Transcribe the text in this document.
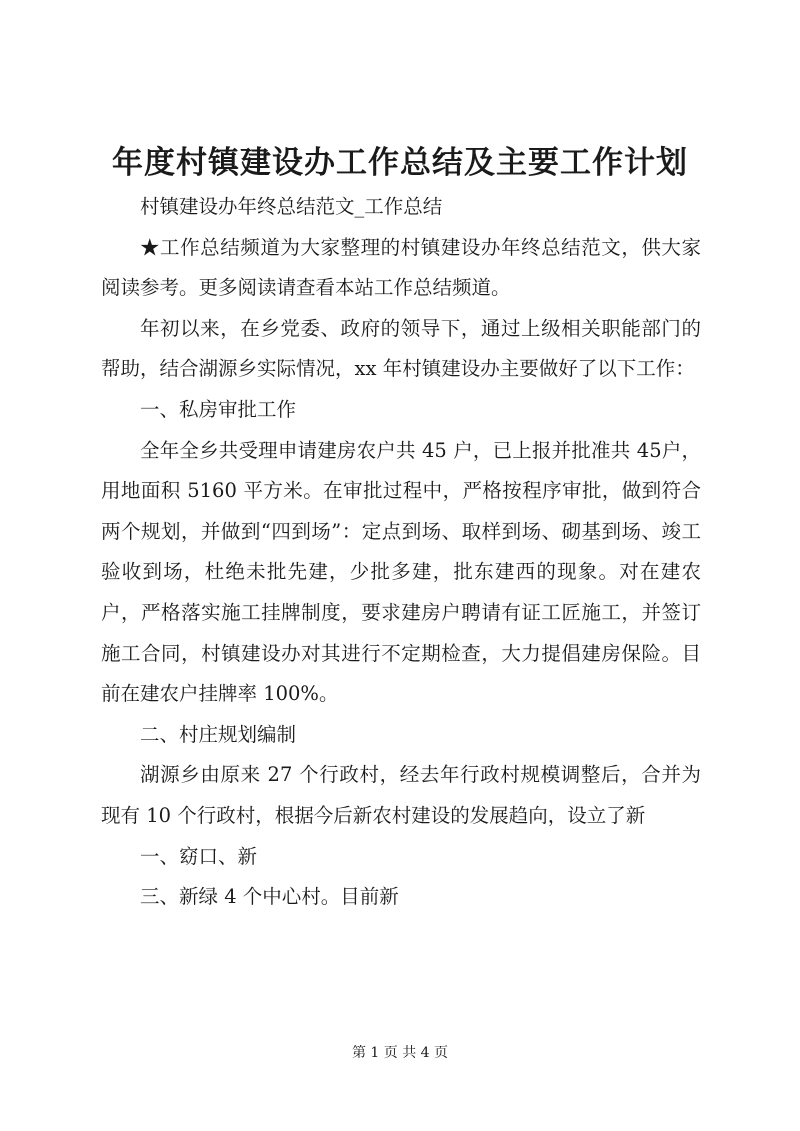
年度村镇建设办工作总结及主要工作计划

村镇建设办年终总结范文_工作总结

★工作总结频道为大家整理的村镇建设办年终总结范文，供大家阅读参考。更多阅读请查看本站工作总结频道。

年初以来，在乡党委、政府的领导下，通过上级相关职能部门的帮助，结合湖源乡实际情况，xx 年村镇建设办主要做好了以下工作：

一、私房审批工作

全年全乡共受理申请建房农户共 45 户，已上报并批准共 45户，用地面积 5160 平方米。在审批过程中，严格按程序审批，做到符合两个规划，并做到“四到场”：定点到场、取样到场、砌基到场、竣工验收到场，杜绝未批先建，少批多建，批东建西的现象。对在建农户，严格落实施工挂牌制度，要求建房户聘请有证工匠施工，并签订施工合同，村镇建设办对其进行不定期检查，大力提倡建房保险。目前在建农户挂牌率 100%。

二、村庄规划编制

湖源乡由原来 27 个行政村，经去年行政村规模调整后，合并为现有 10 个行政村，根据今后新农村建设的发展趋向，设立了新

一、窈口、新

三、新绿 4 个中心村。目前新

第 1 页 共 4 页
